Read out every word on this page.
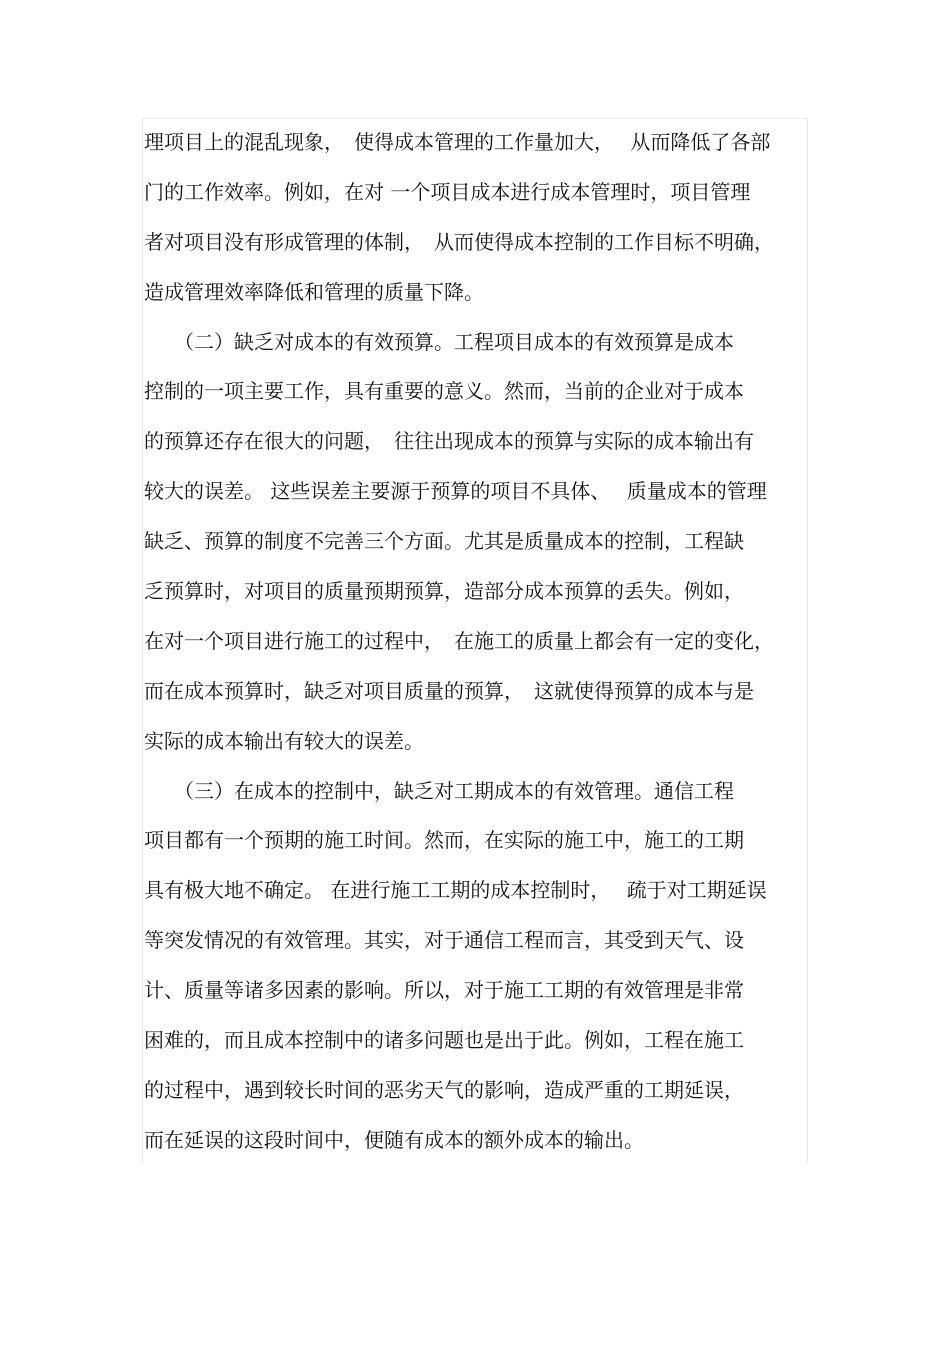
理项目上的混乱现象，　使得成本管理的工作量加大，　 从而降低了各部
门的工作效率。例如，在对 一个项目成本进行成本管理时，项目管理
者对项目没有形成管理的体制，　从而使得成本控制的工作目标不明确，
造成管理效率降低和管理的质量下降。
　　（二）缺乏对成本的有效预算。工程项目成本的有效预算是成本
控制的一项主要工作，具有重要的意义。然而，当前的企业对于成本
的预算还存在很大的问题，　往往出现成本的预算与实际的成本输出有
较大的误差。 这些误差主要源于预算的项目不具体、　 质量成本的管理
缺乏、预算的制度不完善三个方面。尤其是质量成本的控制，工程缺
乏预算时，对项目的质量预期预算，造部分成本预算的丢失。例如，
在对一个项目进行施工的过程中，　在施工的质量上都会有一定的变化，
而在成本预算时，缺乏对项目质量的预算，　这就使得预算的成本与是
实际的成本输出有较大的误差。
　　（三）在成本的控制中，缺乏对工期成本的有效管理。通信工程
项目都有一个预期的施工时间。然而，在实际的施工中，施工的工期
具有极大地不确定。 在进行施工工期的成本控制时，　 疏于对工期延误
等突发情况的有效管理。其实，对于通信工程而言，其受到天气、设
计、质量等诸多因素的影响。所以，对于施工工期的有效管理是非常
困难的，而且成本控制中的诸多问题也是出于此。例如，工程在施工
的过程中，遇到较长时间的恶劣天气的影响，造成严重的工期延误，
而在延误的这段时间中，便随有成本的额外成本的输出。
